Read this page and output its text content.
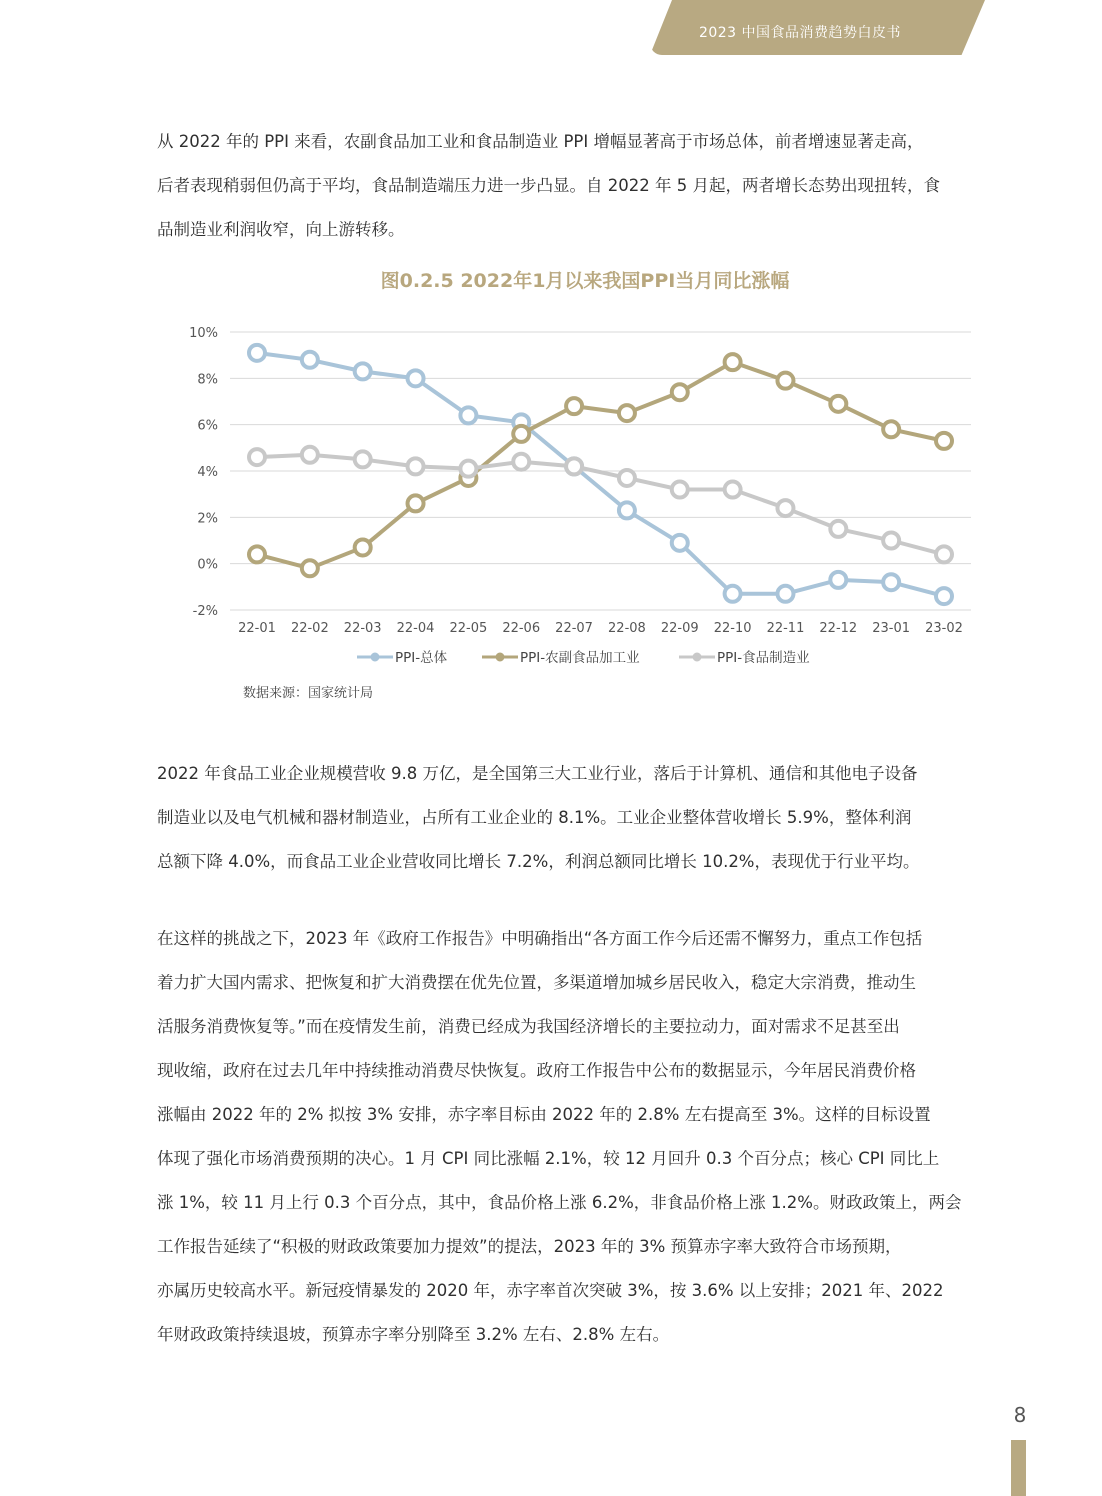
2023 中国食品消费趋势白皮书

从 2022 年的 PPI 来看，农副食品加工业和食品制造业 PPI 增幅显著高于市场总体，前者增速显著走高，
后者表现稍弱但仍高于平均，食品制造端压力进一步凸显。自 2022 年 5 月起，两者增长态势出现扭转，食
品制造业利润收窄，向上游转移。

图0.2.5 2022年1月以来我国PPI当月同比涨幅
10%
8%
6%
4%
2%
0%
-2%
22-01 22-02 22-03 22-04 22-05 22-06 22-07 22-08 22-09 22-10 22-11 22-12 23-01 23-02
PPI-总体	PPI-农副食品加工业	PPI-食品制造业
数据来源：国家统计局

2022 年食品工业企业规模营收 9.8 万亿，是全国第三大工业行业，落后于计算机、通信和其他电子设备
制造业以及电气机械和器材制造业，占所有工业企业的 8.1%。工业企业整体营收增长 5.9%，整体利润
总额下降 4.0%，而食品工业企业营收同比增长 7.2%，利润总额同比增长 10.2%，表现优于行业平均。

在这样的挑战之下，2023 年《政府工作报告》中明确指出“各方面工作今后还需不懈努力，重点工作包括
着力扩大国内需求、把恢复和扩大消费摆在优先位置，多渠道增加城乡居民收入，稳定大宗消费，推动生
活服务消费恢复等。”而在疫情发生前，消费已经成为我国经济增长的主要拉动力，面对需求不足甚至出
现收缩，政府在过去几年中持续推动消费尽快恢复。政府工作报告中公布的数据显示，今年居民消费价格
涨幅由 2022 年的 2% 拟按 3% 安排，赤字率目标由 2022 年的 2.8% 左右提高至 3%。这样的目标设置
体现了强化市场消费预期的决心。1 月 CPI 同比涨幅 2.1%，较 12 月回升 0.3 个百分点；核心 CPI 同比上
涨 1%，较 11 月上行 0.3 个百分点，其中，食品价格上涨 6.2%，非食品价格上涨 1.2%。财政政策上，两会
工作报告延续了“积极的财政政策要加力提效”的提法，2023 年的 3% 预算赤字率大致符合市场预期，
亦属历史较高水平。新冠疫情暴发的 2020 年，赤字率首次突破 3%，按 3.6% 以上安排；2021 年、2022
年财政政策持续退坡，预算赤字率分别降至 3.2% 左右、2.8% 左右。

8
